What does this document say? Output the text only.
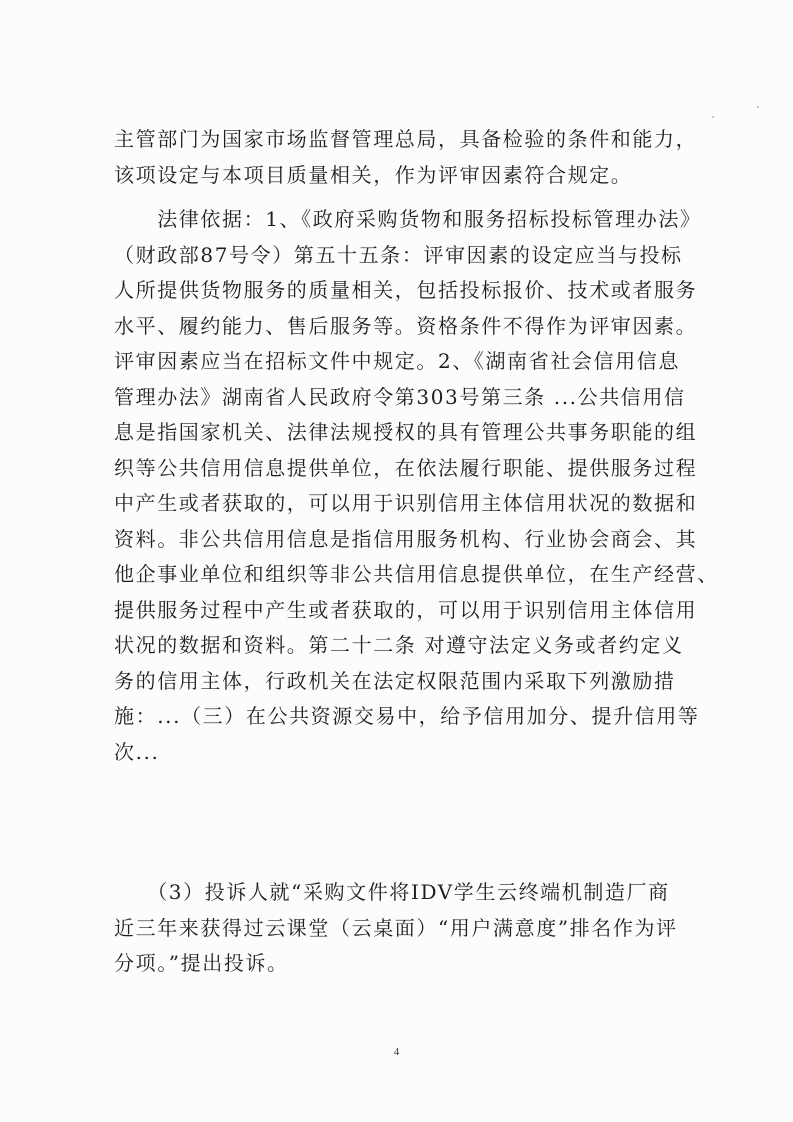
主管部门为国家市场监督管理总局，具备检验的条件和能力，
该项设定与本项目质量相关，作为评审因素符合规定。
　　法律依据：1、《政府采购货物和服务招标投标管理办法》
（财政部87号令）第五十五条：评审因素的设定应当与投标
人所提供货物服务的质量相关，包括投标报价、技术或者服务
水平、履约能力、售后服务等。资格条件不得作为评审因素。
评审因素应当在招标文件中规定。2、《湖南省社会信用信息
管理办法》湖南省人民政府令第303号第三条 ...公共信用信
息是指国家机关、法律法规授权的具有管理公共事务职能的组
织等公共信用信息提供单位，在依法履行职能、提供服务过程
中产生或者获取的，可以用于识别信用主体信用状况的数据和
资料。非公共信用信息是指信用服务机构、行业协会商会、其
他企事业单位和组织等非公共信用信息提供单位，在生产经营、
提供服务过程中产生或者获取的，可以用于识别信用主体信用
状况的数据和资料。第二十二条 对遵守法定义务或者约定义
务的信用主体，行政机关在法定权限范围内采取下列激励措
施：...（三）在公共资源交易中，给予信用加分、提升信用等
次...
　　（3）投诉人就“采购文件将IDV学生云终端机制造厂商
近三年来获得过云课堂（云桌面）“用户满意度”排名作为评
分项。”提出投诉。
4
